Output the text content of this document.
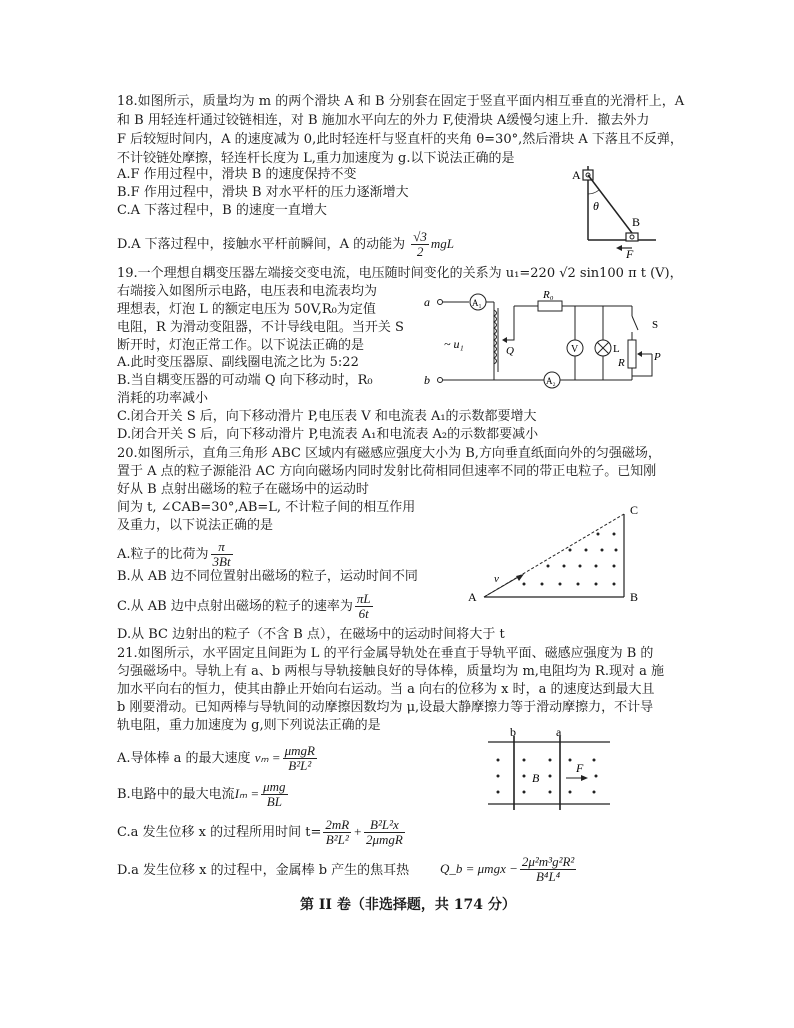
18.如图所示，质量均为 m 的两个滑块 A 和 B 分别套在固定于竖直平面内相互垂直的光滑杆上，A
和 B 用轻连杆通过铰链相连，对 B 施加水平向左的外力 F,使滑块 A缓慢匀速上升．撤去外力
F 后较短时间内，A 的速度减为 0,此时轻连杆与竖直杆的夹角 θ=30°,然后滑块 A 下落且不反弹，
不计铰链处摩擦，轻连杆长度为 L,重力加速度为 g.以下说法正确的是
A.F 作用过程中，滑块 B 的速度保持不变
B.F 作用过程中，滑块 B 对水平杆的压力逐渐增大
C.A 下落过程中，B 的速度一直增大
D.A 下落过程中，接触水平杆前瞬间，A 的动能为 $\frac{√3}{2}$ mgL
A
θ
B
F
19.一个理想自耦变压器左端接交变电流，电压随时间变化的关系为 u₁=220 √2 sin100 π t (V)，
右端接入如图所示电路，电压表和电流表均为
理想表，灯泡 L 的额定电压为 50V,R₀为定值
电阻，R 为滑动变阻器，不计导线电阻。当开关 S
断开时，灯泡正常工作。以下说法正确的是
A.此时变压器原、副线圈电流之比为 5:22
B.当自耦变压器的可动端 Q 向下移动时，R₀
消耗的功率减小
C.闭合开关 S 后，向下移动滑片 P,电压表 V 和电流表 A₁的示数都要增大
D.闭合开关 S 后，向下移动滑片 P,电流表 A₁和电流表 A₂的示数都要减小
a
b
A₁
A₂
R₀
~ u₁	Q	V	L
R
S
P
20.如图所示，直角三角形 ABC 区域内有磁感应强度大小为 B,方向垂直纸面向外的匀强磁场，
置于 A 点的粒子源能沿 AC 方向向磁场内同时发射比荷相同但速率不同的带正电粒子。已知刚
好从 B 点射出磁场的粒子在磁场中的运动时
间为 t, ∠CAB=30°,AB=L, 不计粒子间的相互作用
及重力，以下说法正确的是
A.粒子的比荷为 $\frac{\pi}{3Bt}$
B.从 AB 边不同位置射出磁场的粒子，运动时间不同
C.从 AB 边中点射出磁场的粒子的速率为 $\frac{\pi L}{6t}$
D.从 BC 边射出的粒子（不含 B 点），在磁场中的运动时间将大于 t
A	B
C
v
21.如图所示，水平固定且间距为 L 的平行金属导轨处在垂直于导轨平面、磁感应强度为 B 的
匀强磁场中。导轨上有 a、b 两根与导轨接触良好的导体棒，质量均为 m,电阻均为 R.现对 a 施
加水平向右的恒力，使其由静止开始向右运动。当 a 向右的位移为 x 时，a 的速度达到最大且
b 刚要滑动。已知两棒与导轨间的动摩擦因数均为 μ,设最大静摩擦力等于滑动摩擦力，不计导
轨电阻，重力加速度为 g,则下列说法正确的是
A.导体棒 a 的最大速度 $v_m = \frac{\text{μmgR}}{\text{B²L²}}$
B.电路中的最大电流$I_m = \frac{\text{μmg}}{BL}$
C.a 发生位移 x 的过程所用时间 $t= \frac{2mR}{\text{B²L²}} + \frac{\text{B²L²x}}{\text{2μmgR}}$
D.a 发生位移 x 的过程中，金属棒 b 产生的焦耳热 Q_b = $\mu mgx - \frac{\text{2μ²m³g²R²}}{\text{B⁴L⁴}}$
b	a
B
F
第 II 卷（非选择题，共 174 分）
